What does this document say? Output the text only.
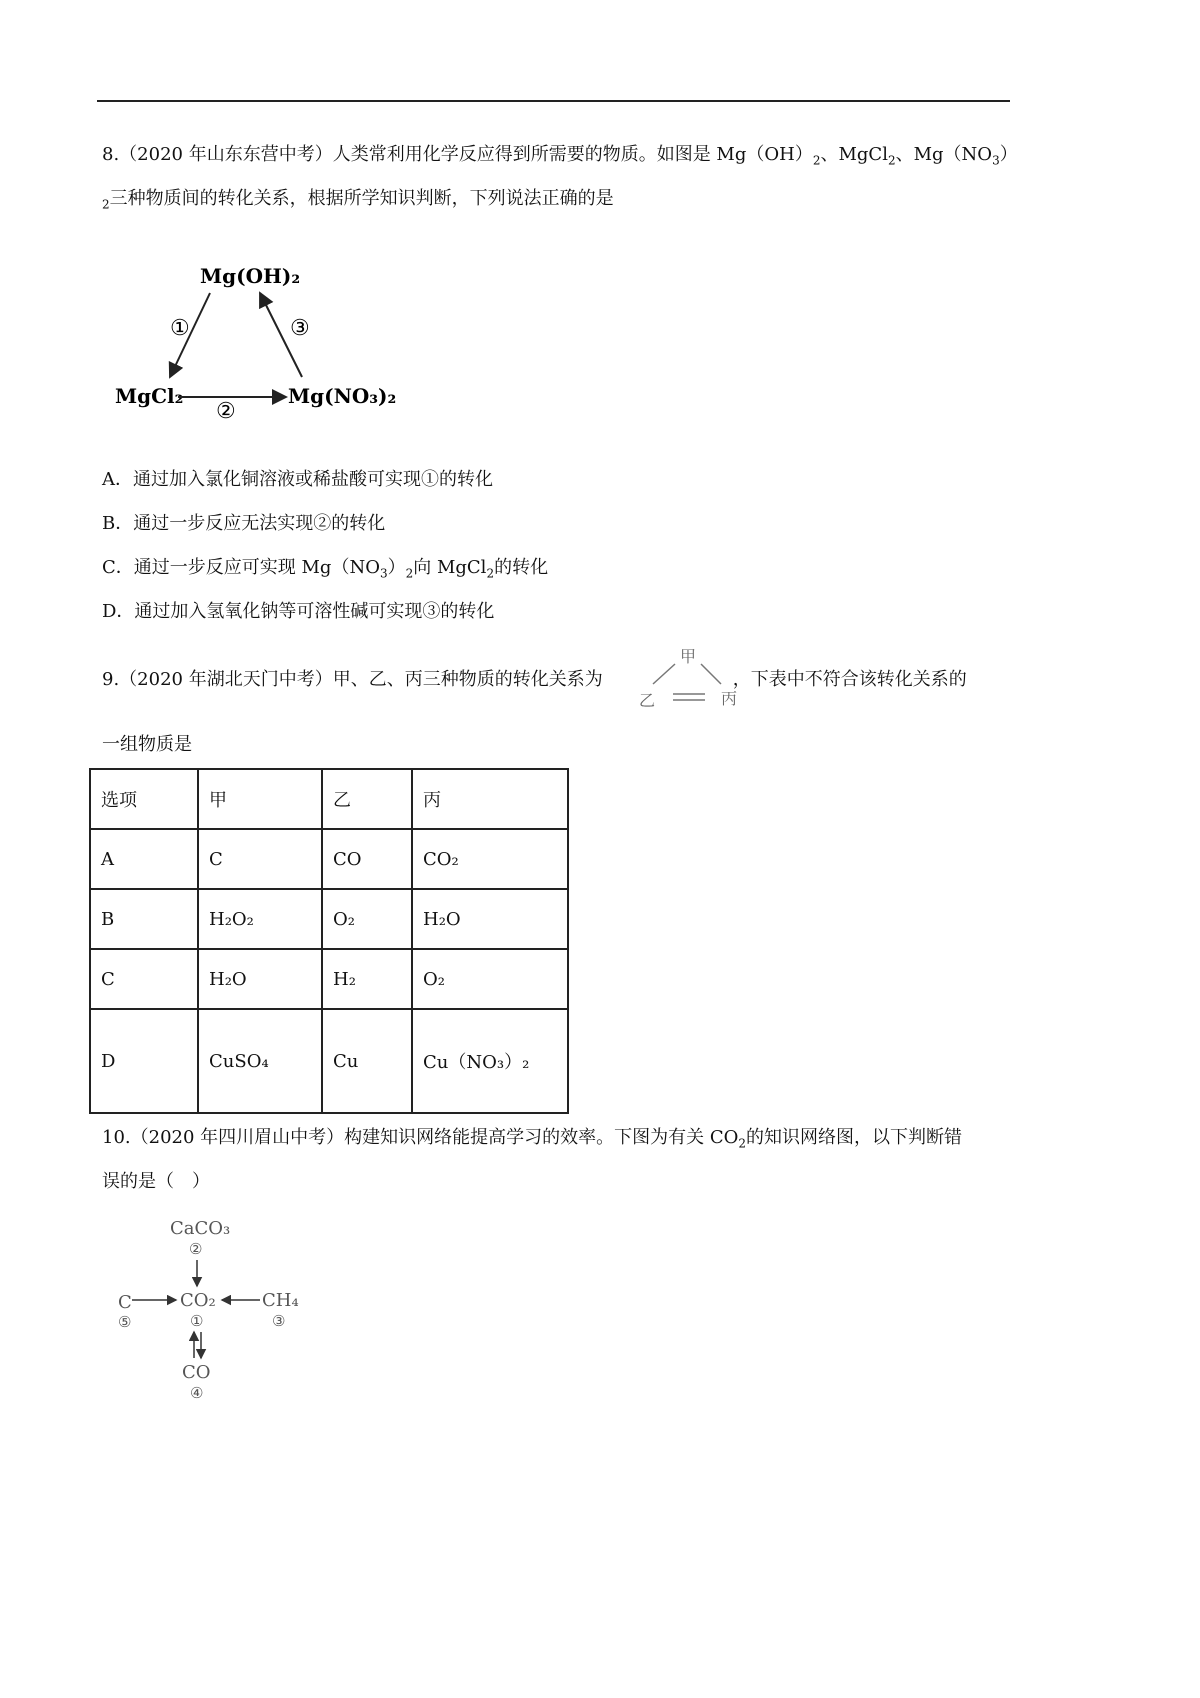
8.（2020 年山东东营中考）人类常利用化学反应得到所需要的物质。如图是 $Mg(OH)_2$、MgCl$_2$、$Mg(NO_3)$
$_2$三种物质间的转化关系，根据所学知识判断，下列说法正确的是
Mg(OH)₂
MgCl₂	Mg(NO₃)₂
①	③
②
A．通过加入氯化铜溶液或稀盐酸可实现①的转化
B．通过一步反应无法实现②的转化
C．通过一步反应可实现 $Mg(NO_3)_2$向 MgCl$_2$的转化
D．通过加入氢氧化钠等可溶性碱可实现③的转化
9.（2020 年湖北天门中考）甲、乙、丙三种物质的转化关系为	，下表中不符合该转化关系的
甲
乙	丙
一组物质是
选项	甲	乙	丙
A	C	CO	CO₂
B	H₂O₂	O₂	H₂O
C	H₂O	H₂	O₂
D	CuSO₄	Cu	Cu（NO₃）₂
10.（2020 年四川眉山中考）构建知识网络能提高学习的效率。下图为有关 $CO_2$的知识网络图，以下判断错
误的是（　）
CaCO₃
②
CO₂
①
C
⑤
CH₄
③
CO
④
